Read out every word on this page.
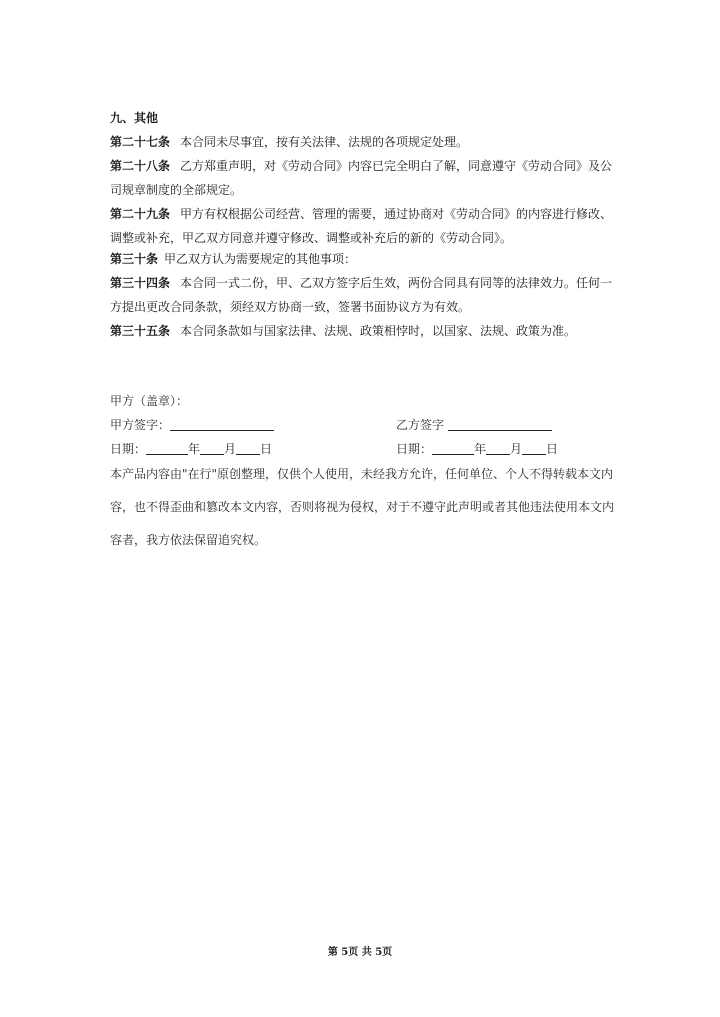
九、其他
第二十七条 本合同未尽事宜，按有关法律、法规的各项规定处理。
第二十八条 乙方郑重声明，对《劳动合同》内容已完全明白了解，同意遵守《劳动合同》及公
司规章制度的全部规定。
第二十九条 甲方有权根据公司经营、管理的需要，通过协商对《劳动合同》的内容进行修改、
调整或补充，甲乙双方同意并遵守修改、调整或补充后的新的《劳动合同》。
第三十条 甲乙双方认为需要规定的其他事项：
第三十四条 本合同一式二份，甲、乙双方签字后生效，两份合同具有同等的法律效力。任何一
方提出更改合同条款，须经双方协商一致，签署书面协议方为有效。
第三十五条 本合同条款如与国家法律、法规、政策相悖时，以国家、法规、政策为准。
甲方（盖章）：
甲方签字：	乙方签字
日期：	年 月 日	日期：	年 月 日
本产品内容由"在行"原创整理，仅供个人使用，未经我方允许，任何单位、个人不得转载本文内
容，也不得歪曲和篡改本文内容，否则将视为侵权，对于不遵守此声明或者其他违法使用本文内
容者，我方依法保留追究权。
第 5页 共 5页
